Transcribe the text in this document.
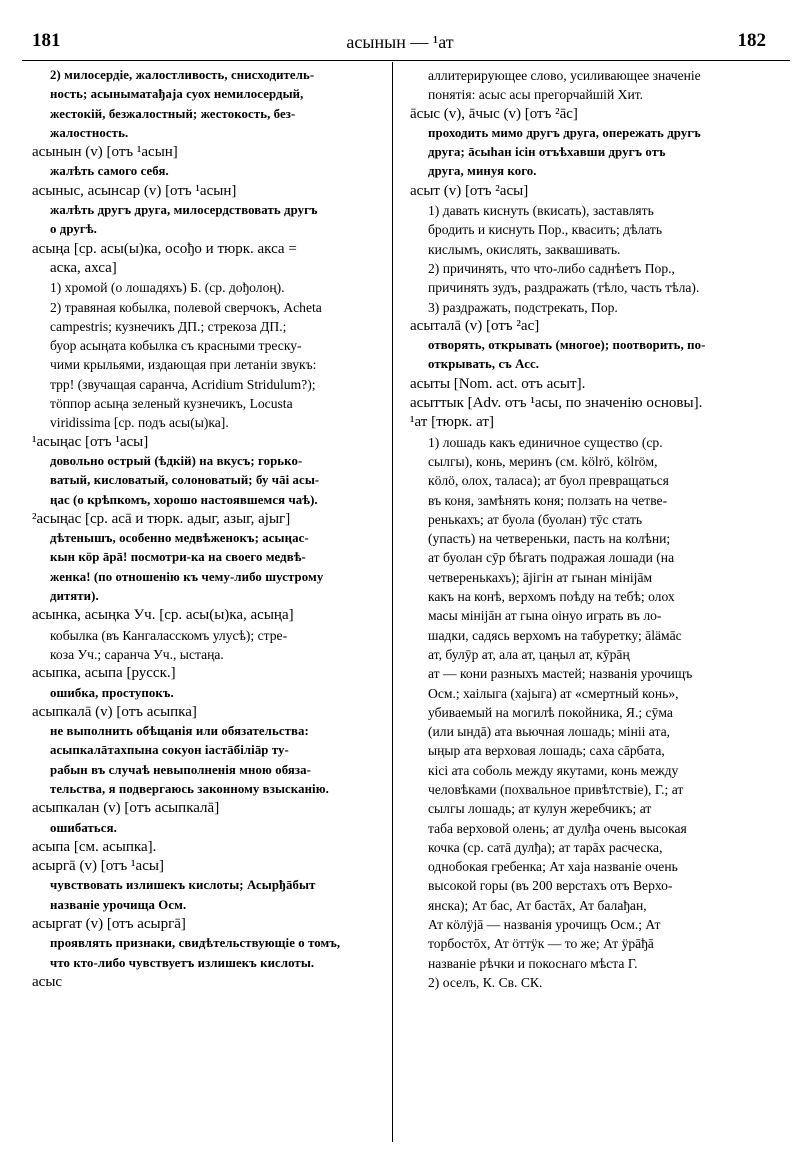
181	асынын — ¹ат	182
2) милосердіе, жалостливость, снисходитель-
ность; асыныматађаја суох немилосердый,
жестокій, безжалостный; жестокость, без-
жалостность.
асынын (v) [отъ ¹асын]
жалѣть самого себя.
асыныс, асынсар (v) [отъ ¹асын]
жалѣть другъ друга, милосердствовать другъ
о другѣ.
асыңа [ср. асы(ы)ка, осођо и тюрк. акса =
аска, ахса]
1) хромой (о лошадяхъ) Б. (ср. дођолоң).
2) травяная кобылка, полевой сверчокъ, Acheta
campestris; кузнечикъ ДП.; стрекоза ДП.;
буор асыңата кобылка съ красными треску-
чими крыльями, издающая при летаніи звукъ:
трр! (звучащая саранча, Acridium Stridulum?);
тӧппор асыңа зеленый кузнечикъ, Locusta
viridissima [ср. подъ асы(ы)ка].
¹асыңас [отъ ¹асы]
довольно острый (ѣдкій) на вкусъ; горько-
ватый, кисловатый, солоноватый; бу чāі асы-
ңас (о крѣпкомъ, хорошо настоявшемся чаѣ).
²асыңас [ср. асā и тюрк. адыг, азыг, ајыг]
дѣтенышъ, особенно медвѣженокъ; асыңас-
кын кӧр āрā! посмотри-ка на своего медвѣ-
женка! (по отношенію къ чему-либо шустрому
дитяти).
асынка, асыңка Уч. [ср. асы(ы)ка, асыңа]
кобылка (въ Кангаласскомъ улусѣ); стре-
коза Уч.; саранча Уч., ыстаңа.
асыпка, асыпа [русск.]
ошибка, проступокъ.
асыпкалā (v) [отъ асыпка]
не выполнить обѣщанія или обязательства:
асыпкалāтахпына сокуон іастāбіліāр ту-
рабын въ случаѣ невыполненія мною обяза-
тельства, я подвергаюсь законному взысканію.
асыпкалан (v) [отъ асыпкалā]
ошибаться.
асыпа [см. асыпка].
асыргā (v) [отъ ¹асы]
чувствовать излишекъ кислоты; Асырђāбыт
названіе урочища Осм.
асыргат (v) [отъ асыргā]
проявлять признаки, свидѣтельствующіе о томъ,
что кто-либо чувствуетъ излишекъ кислоты.
асыс
аллитерирующее слово, усиливающее значеніе
понятія: асыс асы прегорчайшій Хит.
āсыс (v), āчыс (v) [отъ ²āс]
проходить мимо другъ друга, опережать другъ
друга; āсыһан ісін отъѣхавши другъ отъ
друга, минуя кого.
асыт (v) [отъ ²асы]
1) давать киснуть (вкисать), заставлять
бродить и киснуть Пор., квасить; дѣлать
кислымъ, окислять, заквашивать.
2) причинять, что что-либо саднѣетъ Пор.,
причинять зудъ, раздражать (тѣло, часть тѣла).
3) раздражать, подстрекать, Пор.
асыталā (v) [отъ ²ас]
отворять, открывать (многое); поотворить, по-
открывать, съ Асс.
асыты [Nom. act. отъ асыт].
асыттык [Adv. отъ ¹асы, по значенію основы].
¹ат [тюрк. ат]
1) лошадь какъ единичное существо (ср.
сылгы), конь, меринъ (см. kölrö, kölrӧм,
кӧлӧ, олох, таласа); ат буол превращаться
въ коня, замѣнять коня; ползать на четве-
ренькахъ; ат буола (буолан) тӯс стать
(упасть) на четвереньки, пасть на колѣни;
ат буолан сӯр бѣгать подражая лошади (на
четверенькахъ); āјігін ат гынан мініjāм
какъ на конѣ, верхомъ поѣду на тебѣ; олох
масы мініjāн ат гына оінуо играть въ ло-
шадки, садясь верхомъ на табуретку; āläмāс
ат, булӯр ат, ала ат, цаңыл ат, кӯрāң
ат — кони разныхъ мастей; названія урочищъ
Осм.; хаілыга (хаjыга) ат «смертный конь»,
убиваемый на могилѣ покойника, Я.; сӯма
(или ындā) ата вьючная лошадь; мініі ата,
ыңыр ата верховая лошадь; саха сāрбата,
кісі ата соболь между якутами, конь между
человѣками (похвальное привѣтствіе), Г.; ат
сылгы лошадь; ат кулун жеребчикъ; ат
таба верховой олень; ат дулђа очень высокая
кочка (ср. сатā дулђа); ат тарāх расческа,
однобокая гребенка; Ат хаја названіе очень
высокой горы (въ 200 верстахъ отъ Верхо-
янска); Ат бас, Ат бастāх, Ат балађан,
Ат кӧлӱjā — названія урочищъ Осм.; Ат
торбостōх, Ат ӧттӱк — то же; Ат ӱрāђā
названіе рѣчки и покоснаго мѣста Г.
2) оселъ, К. Св. СК.
